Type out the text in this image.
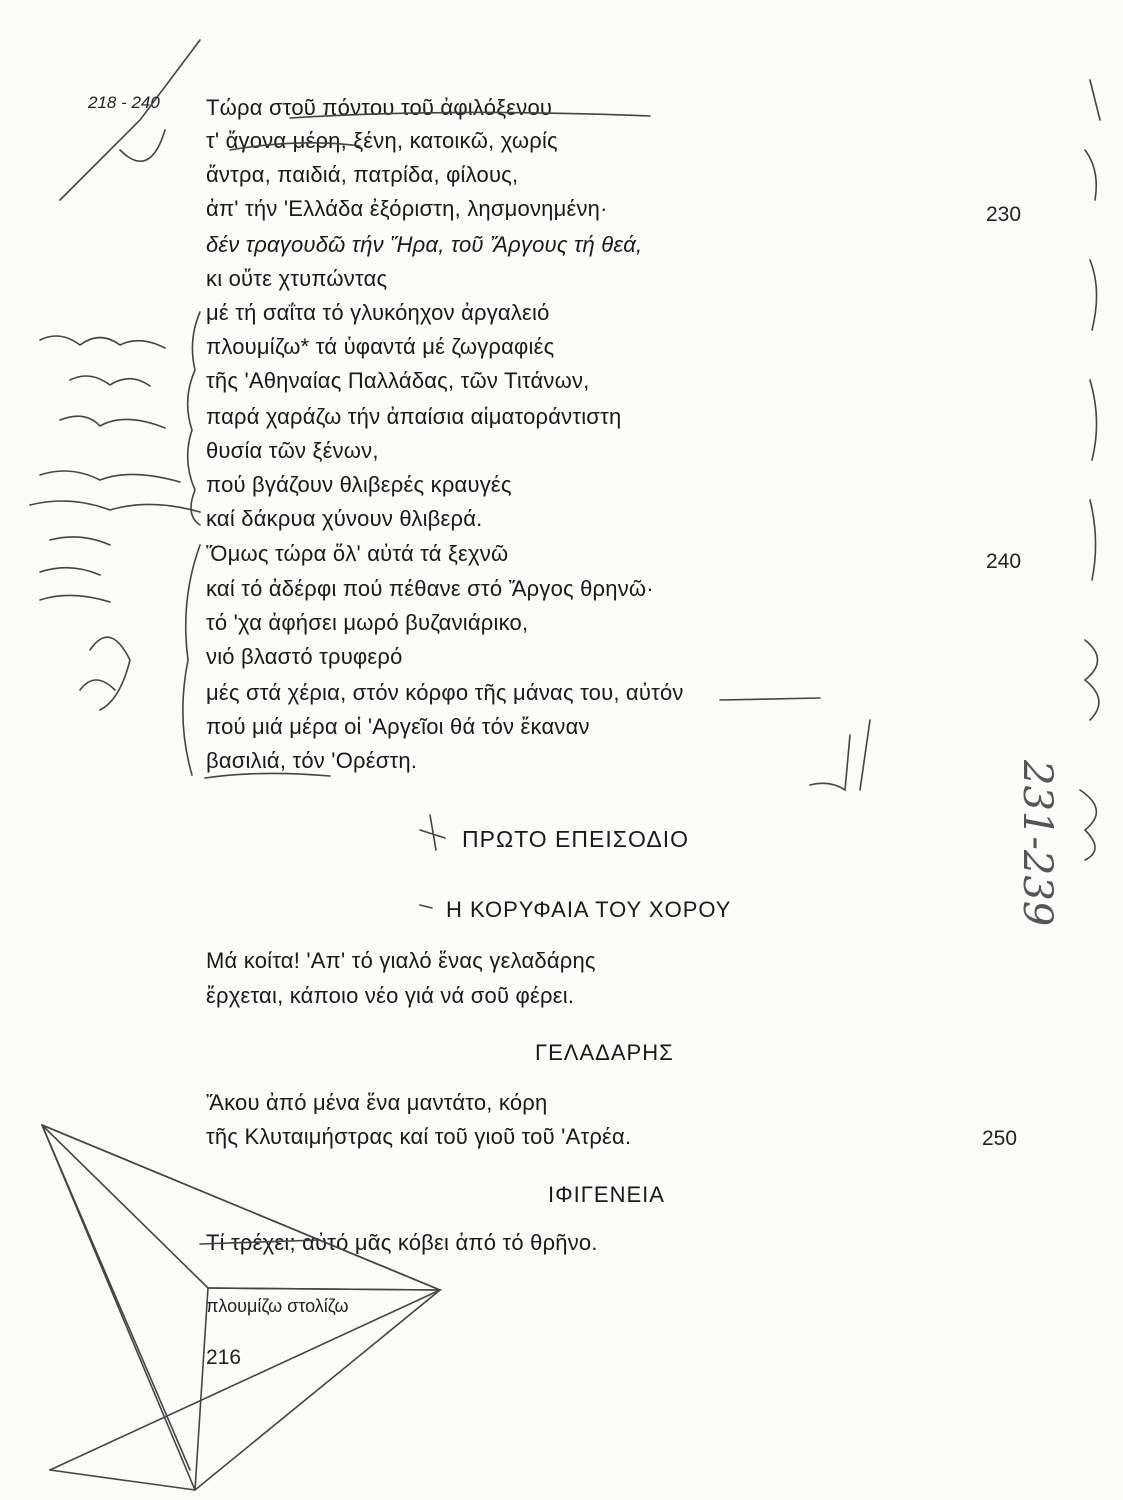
218 - 240 Τώρα στοῦ πόντου τοῦ ἀφιλόξενου
τ' ἄγονα μέρη, ξένη, κατοικῶ, χωρίς
ἄντρα, παιδιά, πατρίδα, φίλους,
ἀπ' τήν 'Ελλάδα ἐξόριστη, λησμονημένη·
δέν τραγουδῶ τήν Ἥρα, τοῦ Ἄργους τή θεά,
κι οὔτε χτυπώντας
μέ τή σαΐτα τό γλυκόηχον ἀργαλειό
πλουμίζω* τά ὑφαντά μέ ζωγραφιές
τῆς 'Αθηναίας Παλλάδας, τῶν Τιτάνων,
παρά χαράζω τήν ἀπαίσια αἱματοράντιστη
θυσία τῶν ξένων,
πού βγάζουν θλιβερές κραυγές
καί δάκρυα χύνουν θλιβερά.
Ὅμως τώρα ὅλ' αὐτά τά ξεχνῶ
καί τό ἀδέρφι πού πέθανε στό Ἄργος θρηνῶ·
τό 'χα ἀφήσει μωρό βυζανιάρικο,
νιό βλαστό τρυφερό
μές στά χέρια, στόν κόρφο τῆς μάνας του, αὐτόν
πού μιά μέρα οἱ 'Αργεῖοι θά τόν ἔκαναν
βασιλιά, τόν 'Ορέστη.
230
240
250
ΠΡΩΤΟ ΕΠΕΙΣΟΔΙΟ
Η ΚΟΡΥΦΑΙΑ ΤΟΥ ΧΟΡΟΥ
Μά κοίτα! 'Απ' τό γιαλό ἕνας γελαδάρης
ἔρχεται, κάποιο νέο γιά νά σοῦ φέρει.
ΓΕΛΑΔΑΡΗΣ
Ἄκου ἀπό μένα ἕνα μαντάτο, κόρη
τῆς Κλυταιμήστρας καί τοῦ γιοῦ τοῦ 'Ατρέα.
ΙΦΙΓΕΝΕΙΑ
Τί τρέχει; αὐτό μᾶς κόβει ἀπό τό θρῆνο.
πλουμίζω στολίζω
216
231-239
